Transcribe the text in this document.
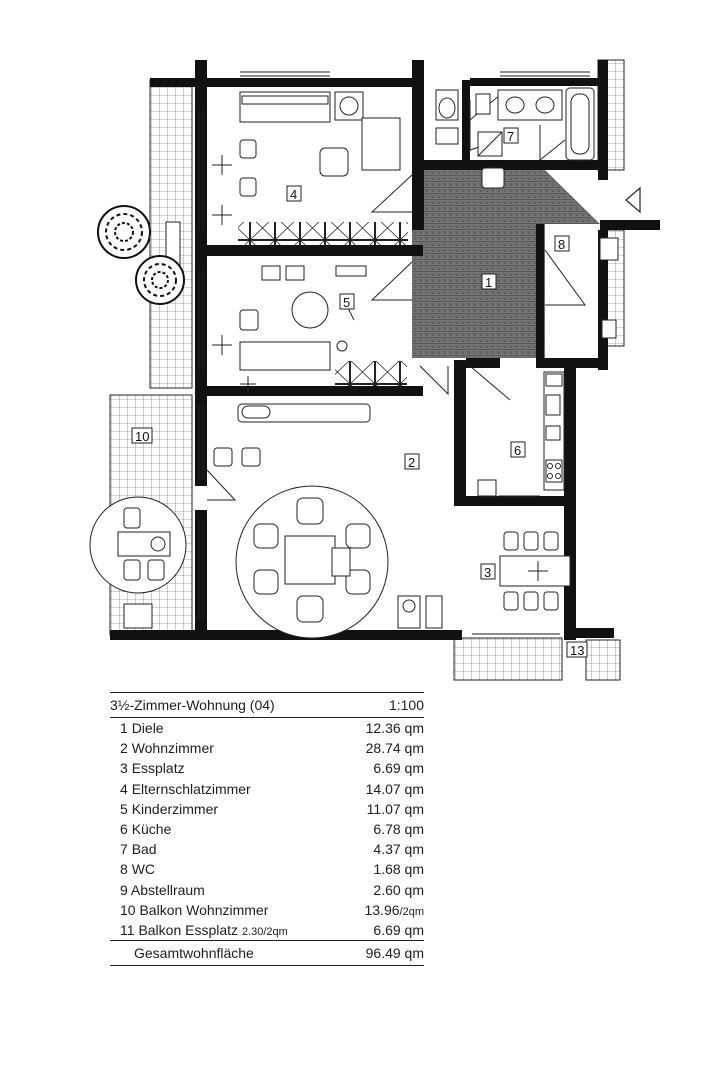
4
1
5
7
8
2
6
3
10
13
3½-Zimmer-Wohnung (04)	1:100
1 Diele	12.36 qm
2 Wohnzimmer	28.74 qm
3 Essplatz	6.69 qm
4 Elternschlatzimmer	14.07 qm
5 Kinderzimmer	11.07 qm
6 Küche	6.78 qm
7 Bad	4.37 qm
8 WC	1.68 qm
9 Abstellraum	2.60 qm
10 Balkon Wohnzimmer	13.96/2qm
11 Balkon Essplatz 2.30/2qm	6.69 qm
Gesamtwohnfläche	96.49 qm
